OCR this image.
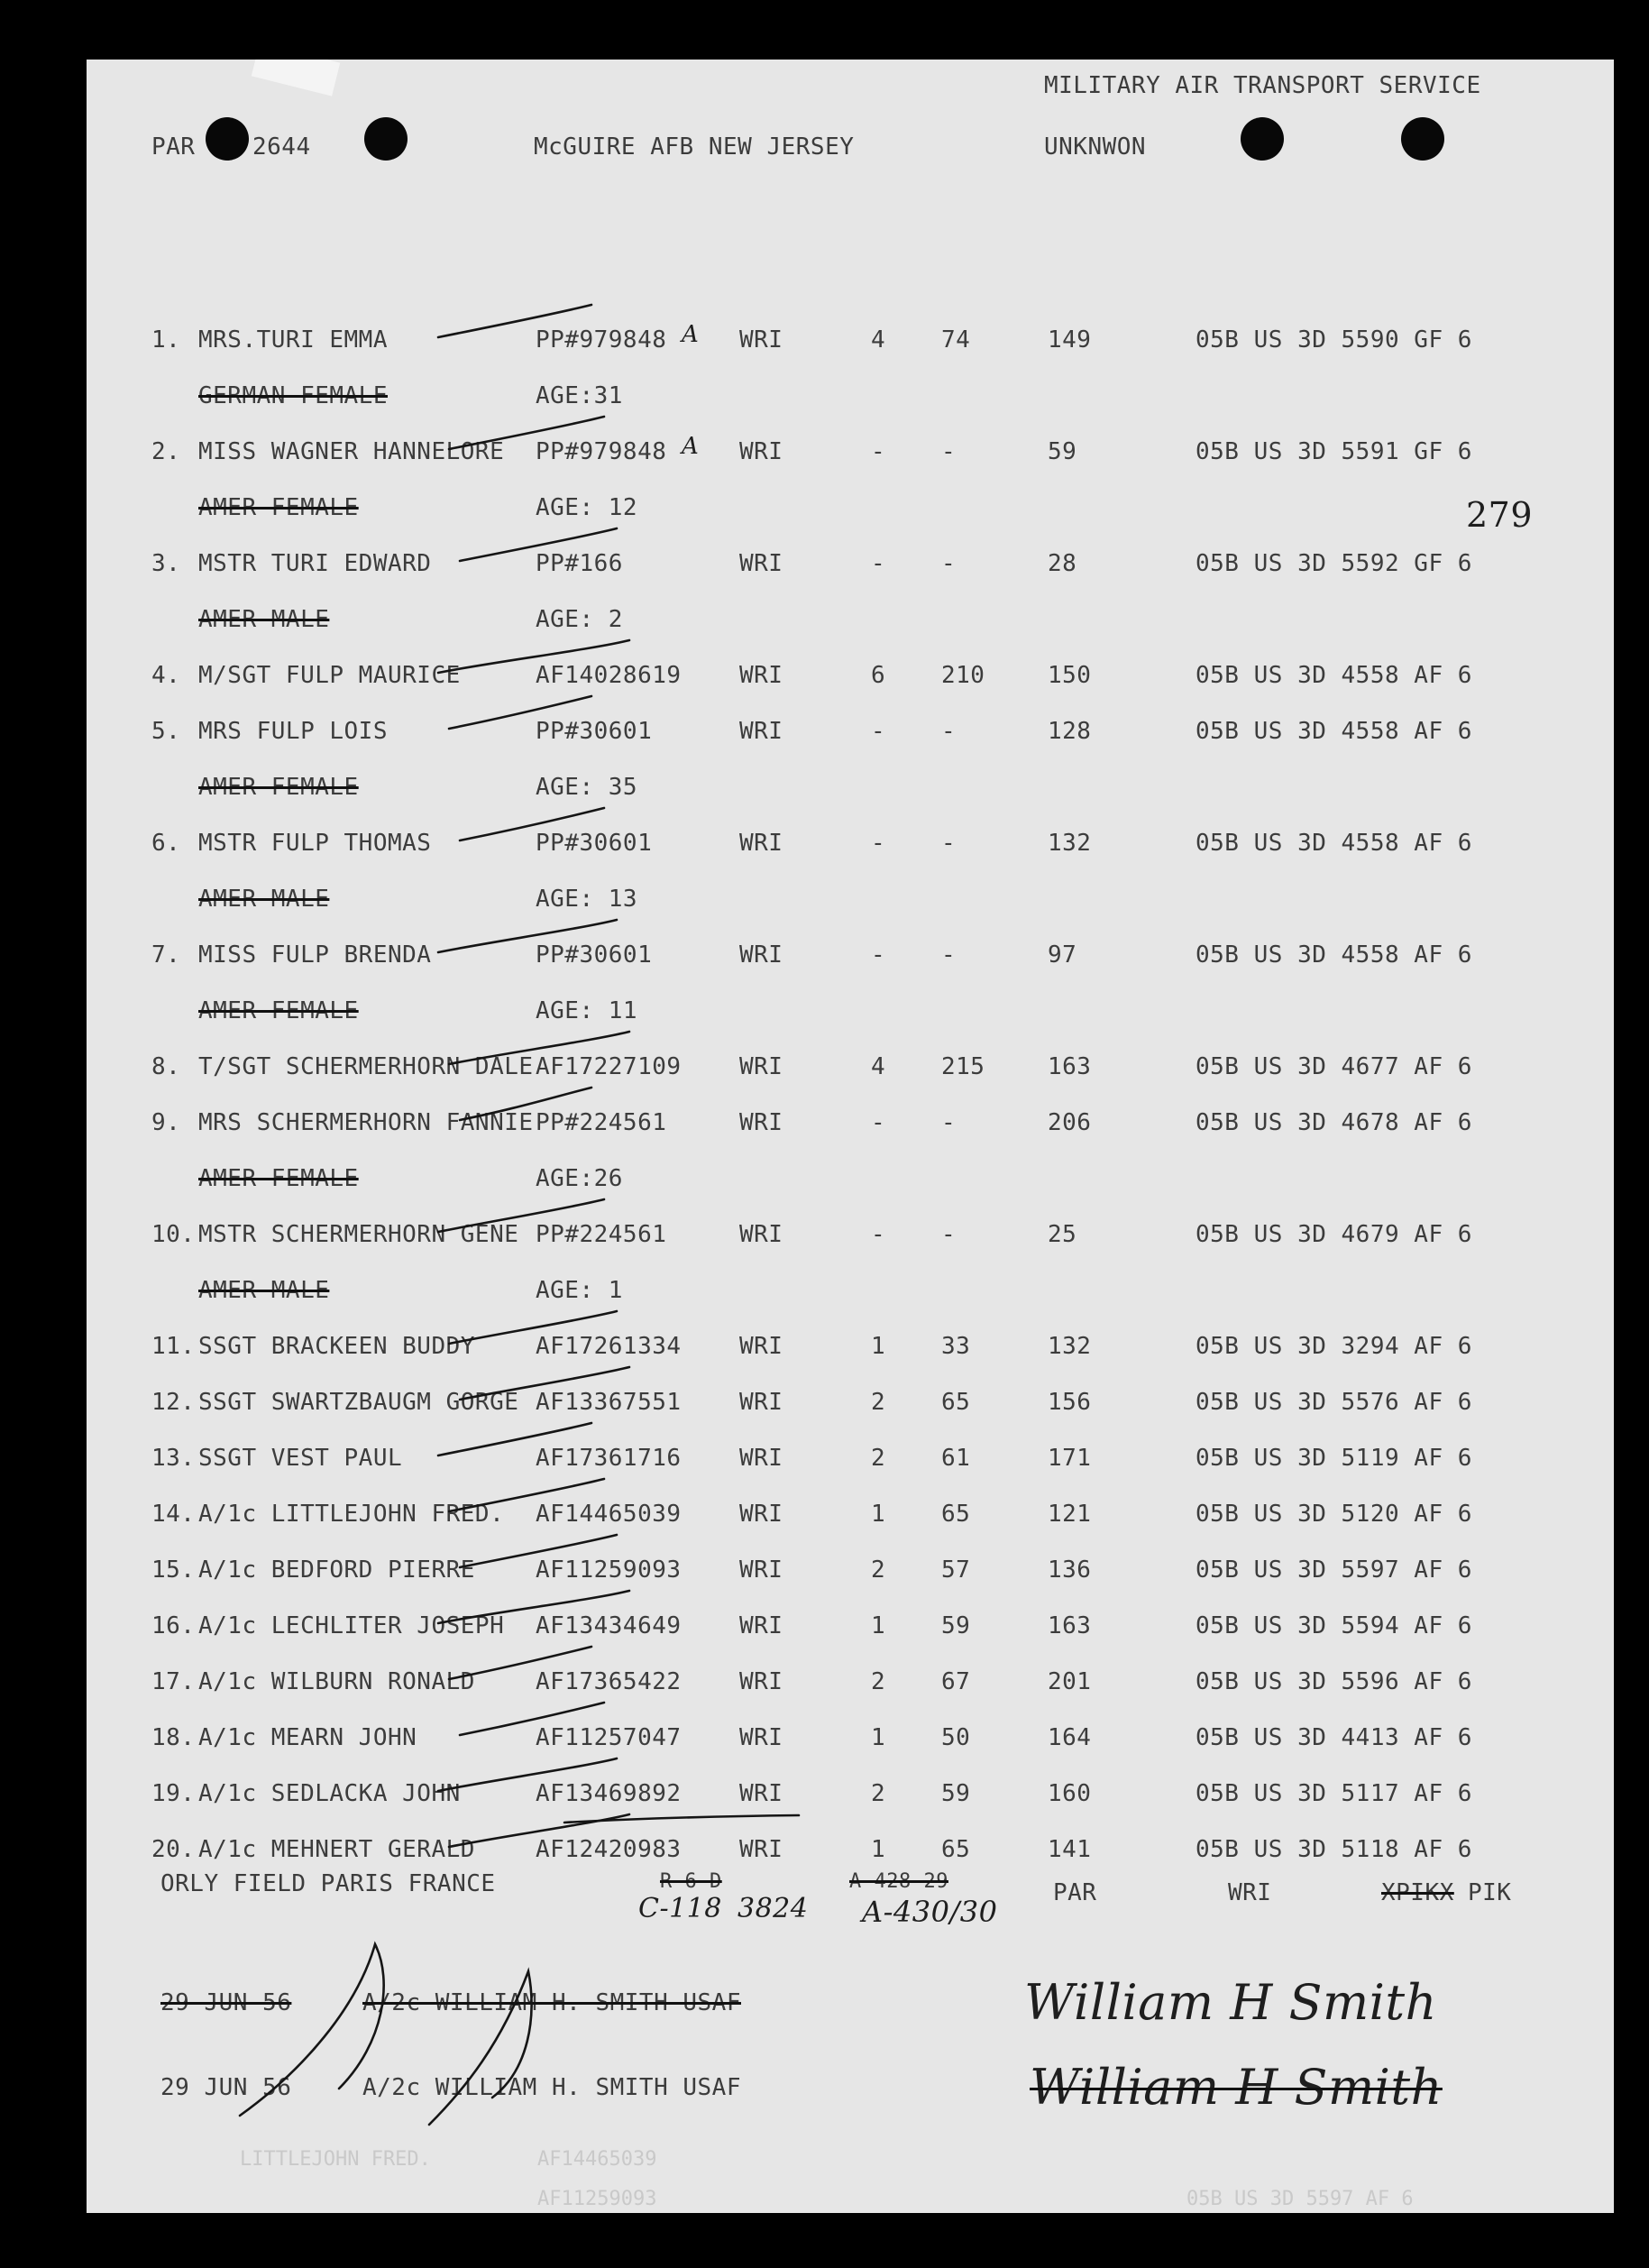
PAR 2644	McGUIRE AFB NEW JERSEY
MILITARY AIR TRANSPORT SERVICE
UNKNWON
279
1. MRS.TURI EMMA	PP#979848 A WRI	4 74	149	05B US 3D 5590 GF 6
GERMAN FEMALE	AGE:31
2. MISS WAGNER HANNELORE PP#979848 A WRI	- -	59	05B US 3D 5591 GF 6
AMER FEMALE	AGE: 12
3. MSTR TURI EDWARD	PP#166	WRI	- -	28	05B US 3D 5592 GF 6
AMER MALE	AGE: 2
4. M/SGT FULP MAURICE	AF14028619 WRI	6 210	150	05B US 3D 4558 AF 6
5. MRS FULP LOIS	PP#30601	WRI	- -	128	05B US 3D 4558 AF 6
AMER FEMALE	AGE: 35
6. MSTR FULP THOMAS	PP#30601	WRI	- -	132	05B US 3D 4558 AF 6
AMER MALE	AGE: 13
7. MISS FULP BRENDA	PP#30601	WRI	- -	97	05B US 3D 4558 AF 6
AMER FEMALE	AGE: 11
8. T/SGT SCHERMERHORN DALE AF17227109 WRI	4 215	163	05B US 3D 4677 AF 6
9. MRS SCHERMERHORN FANNIE PP#224561	WRI	- -	206	05B US 3D 4678 AF 6
AMER FEMALE	AGE:26
10. MSTR SCHERMERHORN GENE PP#224561	WRI	- -	25	05B US 3D 4679 AF 6
AMER MALE	AGE: 1
11. SSGT BRACKEEN BUDDY	AF17261334 WRI	1 33	132	05B US 3D 3294 AF 6
12. SSGT SWARTZBAUGM GORGE AF13367551 WRI	2 65	156	05B US 3D 5576 AF 6
13. SSGT VEST PAUL	AF17361716 WRI	2 61	171	05B US 3D 5119 AF 6
14. A/1c LITTLEJOHN FRED. AF14465039 WRI	1 65	121	05B US 3D 5120 AF 6
15. A/1c BEDFORD PIERRE	AF11259093 WRI	2 57	136	05B US 3D 5597 AF 6
16. A/1c LECHLITER JOSEPH AF13434649 WRI	1 59	163	05B US 3D 5594 AF 6
17. A/1c WILBURN RONALD	AF17365422 WRI	2 67	201	05B US 3D 5596 AF 6
18. A/1c MEARN JOHN	AF11257047 WRI	1 50	164	05B US 3D 4413 AF 6
19. A/1c SEDLACKA JOHN	AF13469892 WRI	2 59	160	05B US 3D 5117 AF 6
20. A/1c MEHNERT GERALD	AF12420983 WRI	1 65	141	05B US 3D 5118 AF 6
ORLY FIELD PARIS FRANCE	R-6-D
C-118 3824
A-428-29
A-430/30
PAR	WRI	XPIKX PIK
29 JUN 56	A/2c WILLIAM H. SMITH USAF
29 JUN 56	A/2c WILLIAM H. SMITH USAF
William H Smith
William H Smith
LITTLEJOHN FRED.	AF14465039
AF11259093	05B US 3D 5597 AF 6
